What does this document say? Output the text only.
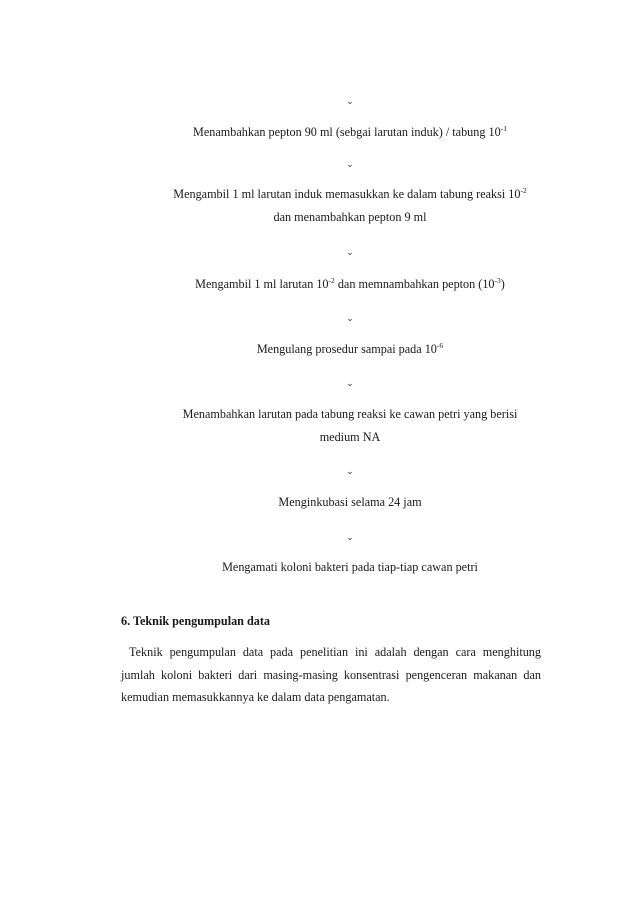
⌄
Menambahkan pepton 90 ml (sebgai larutan induk) / tabung $10^{-1}$
⌄
Mengambil 1 ml larutan induk memasukkan ke dalam tabung reaksi $10^{-2}$
dan menambahkan pepton 9 ml
⌄
Mengambil 1 ml larutan $10^{-2}$ dan memnambahkan pepton $(10^{-3})$
⌄
Mengulang prosedur sampai pada $10^{-6}$
⌄
Menambahkan larutan pada tabung reaksi ke cawan petri yang berisi
medium NA
⌄
Menginkubasi selama 24 jam
⌄
Mengamati koloni bakteri pada tiap-tiap cawan petri
6. Teknik pengumpulan data
Teknik pengumpulan data pada penelitian ini adalah dengan cara menghitung jumlah koloni bakteri dari masing-masing konsentrasi pengenceran makanan dan kemudian memasukkannya ke dalam data pengamatan.
